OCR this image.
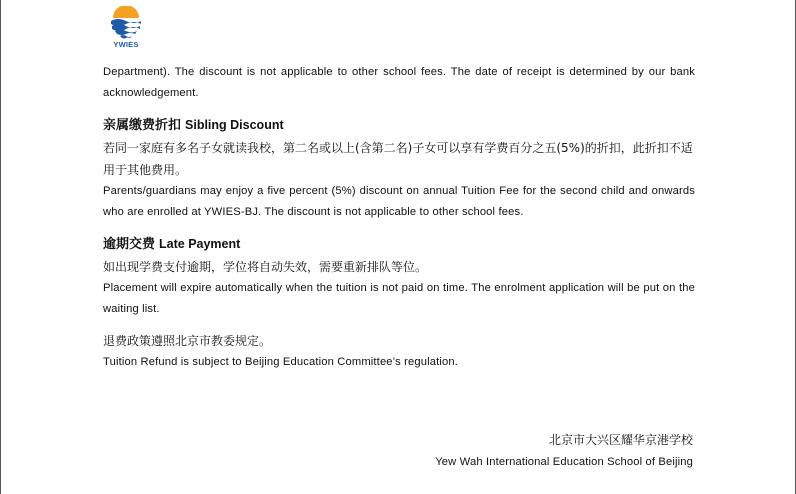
YWIES

Department). The discount is not applicable to other school fees. The date of receipt is determined by our bank acknowledgement.

亲属缴费折扣 Sibling Discount

若同一家庭有多名子女就读我校，第二名或以上(含第二名)子女可以享有学费百分之五(5%)的折扣，此折扣不适用于其他费用。

Parents/guardians may enjoy a five percent (5%) discount on annual Tuition Fee for the second child and onwards who are enrolled at YWIES-BJ. The discount is not applicable to other school fees.

逾期交费 Late Payment

如出现学费支付逾期，学位将自动失效，需要重新排队等位。

Placement will expire automatically when the tuition is not paid on time. The enrolment application will be put on the waiting list.

退费政策遵照北京市教委规定。

Tuition Refund is subject to Beijing Education Committee’s regulation.

北京市大兴区耀华京港学校

Yew Wah International Education School of Beijing
